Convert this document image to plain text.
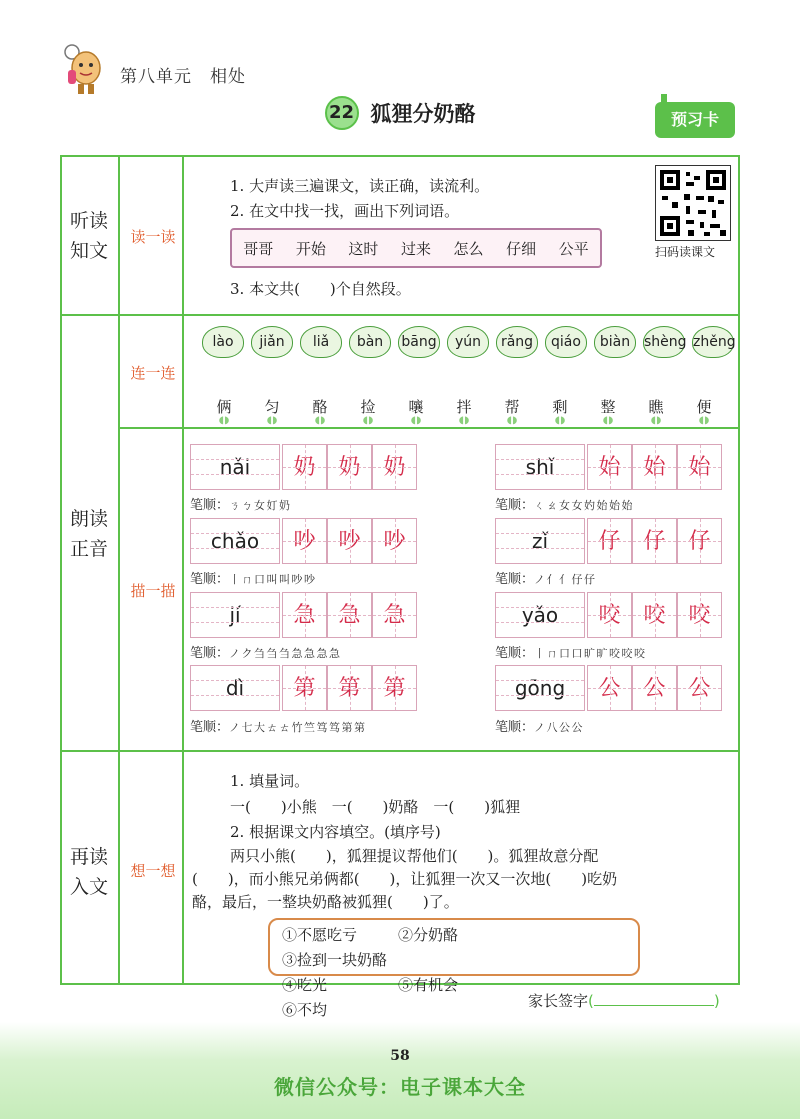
第八单元　相处
22 狐狸分奶酪	预习卡
听读
知文
读一读
朗读
正音
连一连
描一描
再读
入文
想一想
1. 大声读三遍课文，读正确，读流利。
2. 在文中找一找，画出下列词语。
哥哥 开始 这时 过来 怎么 仔细 公平
3. 本文共(　　)个自然段。
扫码读课文
lào	jiǎn	liǎ	bàn	bāng	yún	rǎng	qiáo	biàn shèng zhěng
俩
◖◗
匀
◖◗
酪
◖◗
捡
◖◗
嚷
◖◗
拌
◖◗
帮
◖◗
剩
◖◗
整
◖◗
瞧
◖◗
便
◖◗
nǎi	奶	奶	奶
笔顺：ㄋ ㄅ 女 奵 奶
shǐ	始	始	始
笔顺：ㄑ ㄠ 女 女 妁 始 始 始
chǎo	吵	吵	吵
笔顺：丨 ㄇ 口 叫 叫 吵 吵
zǐ	仔	仔	仔
笔顺：ノ 亻 亻 仔 仔
jí	急	急	急
笔顺：ノ ク 刍 刍 刍 急 急 急 急
yǎo	咬	咬	咬
笔顺：丨 ㄇ 口 口 旷 旷 咬 咬 咬
dì	第	第	第
笔顺：ノ 七 大 ㄊ ㄊ 竹 竺 笃 笃 第 第
gōng	公	公	公
笔顺：ノ 八 公 公
1. 填量词。
一(　　)小熊　一(　　)奶酪　一(　　)狐狸
2. 根据课文内容填空。(填序号)
两只小熊(　　)，狐狸提议帮他们(　　)。狐狸故意分配
(　　)，而小熊兄弟俩都(　　)，让狐狸一次又一次地(　　)吃奶
酪，最后，一整块奶酪被狐狸(　　)了。
①不愿吃亏	②分奶酪③捡到一块奶酪
④吃光	⑤有机会⑥不均	家长签字(	)
58
微信公众号：电子课本大全
